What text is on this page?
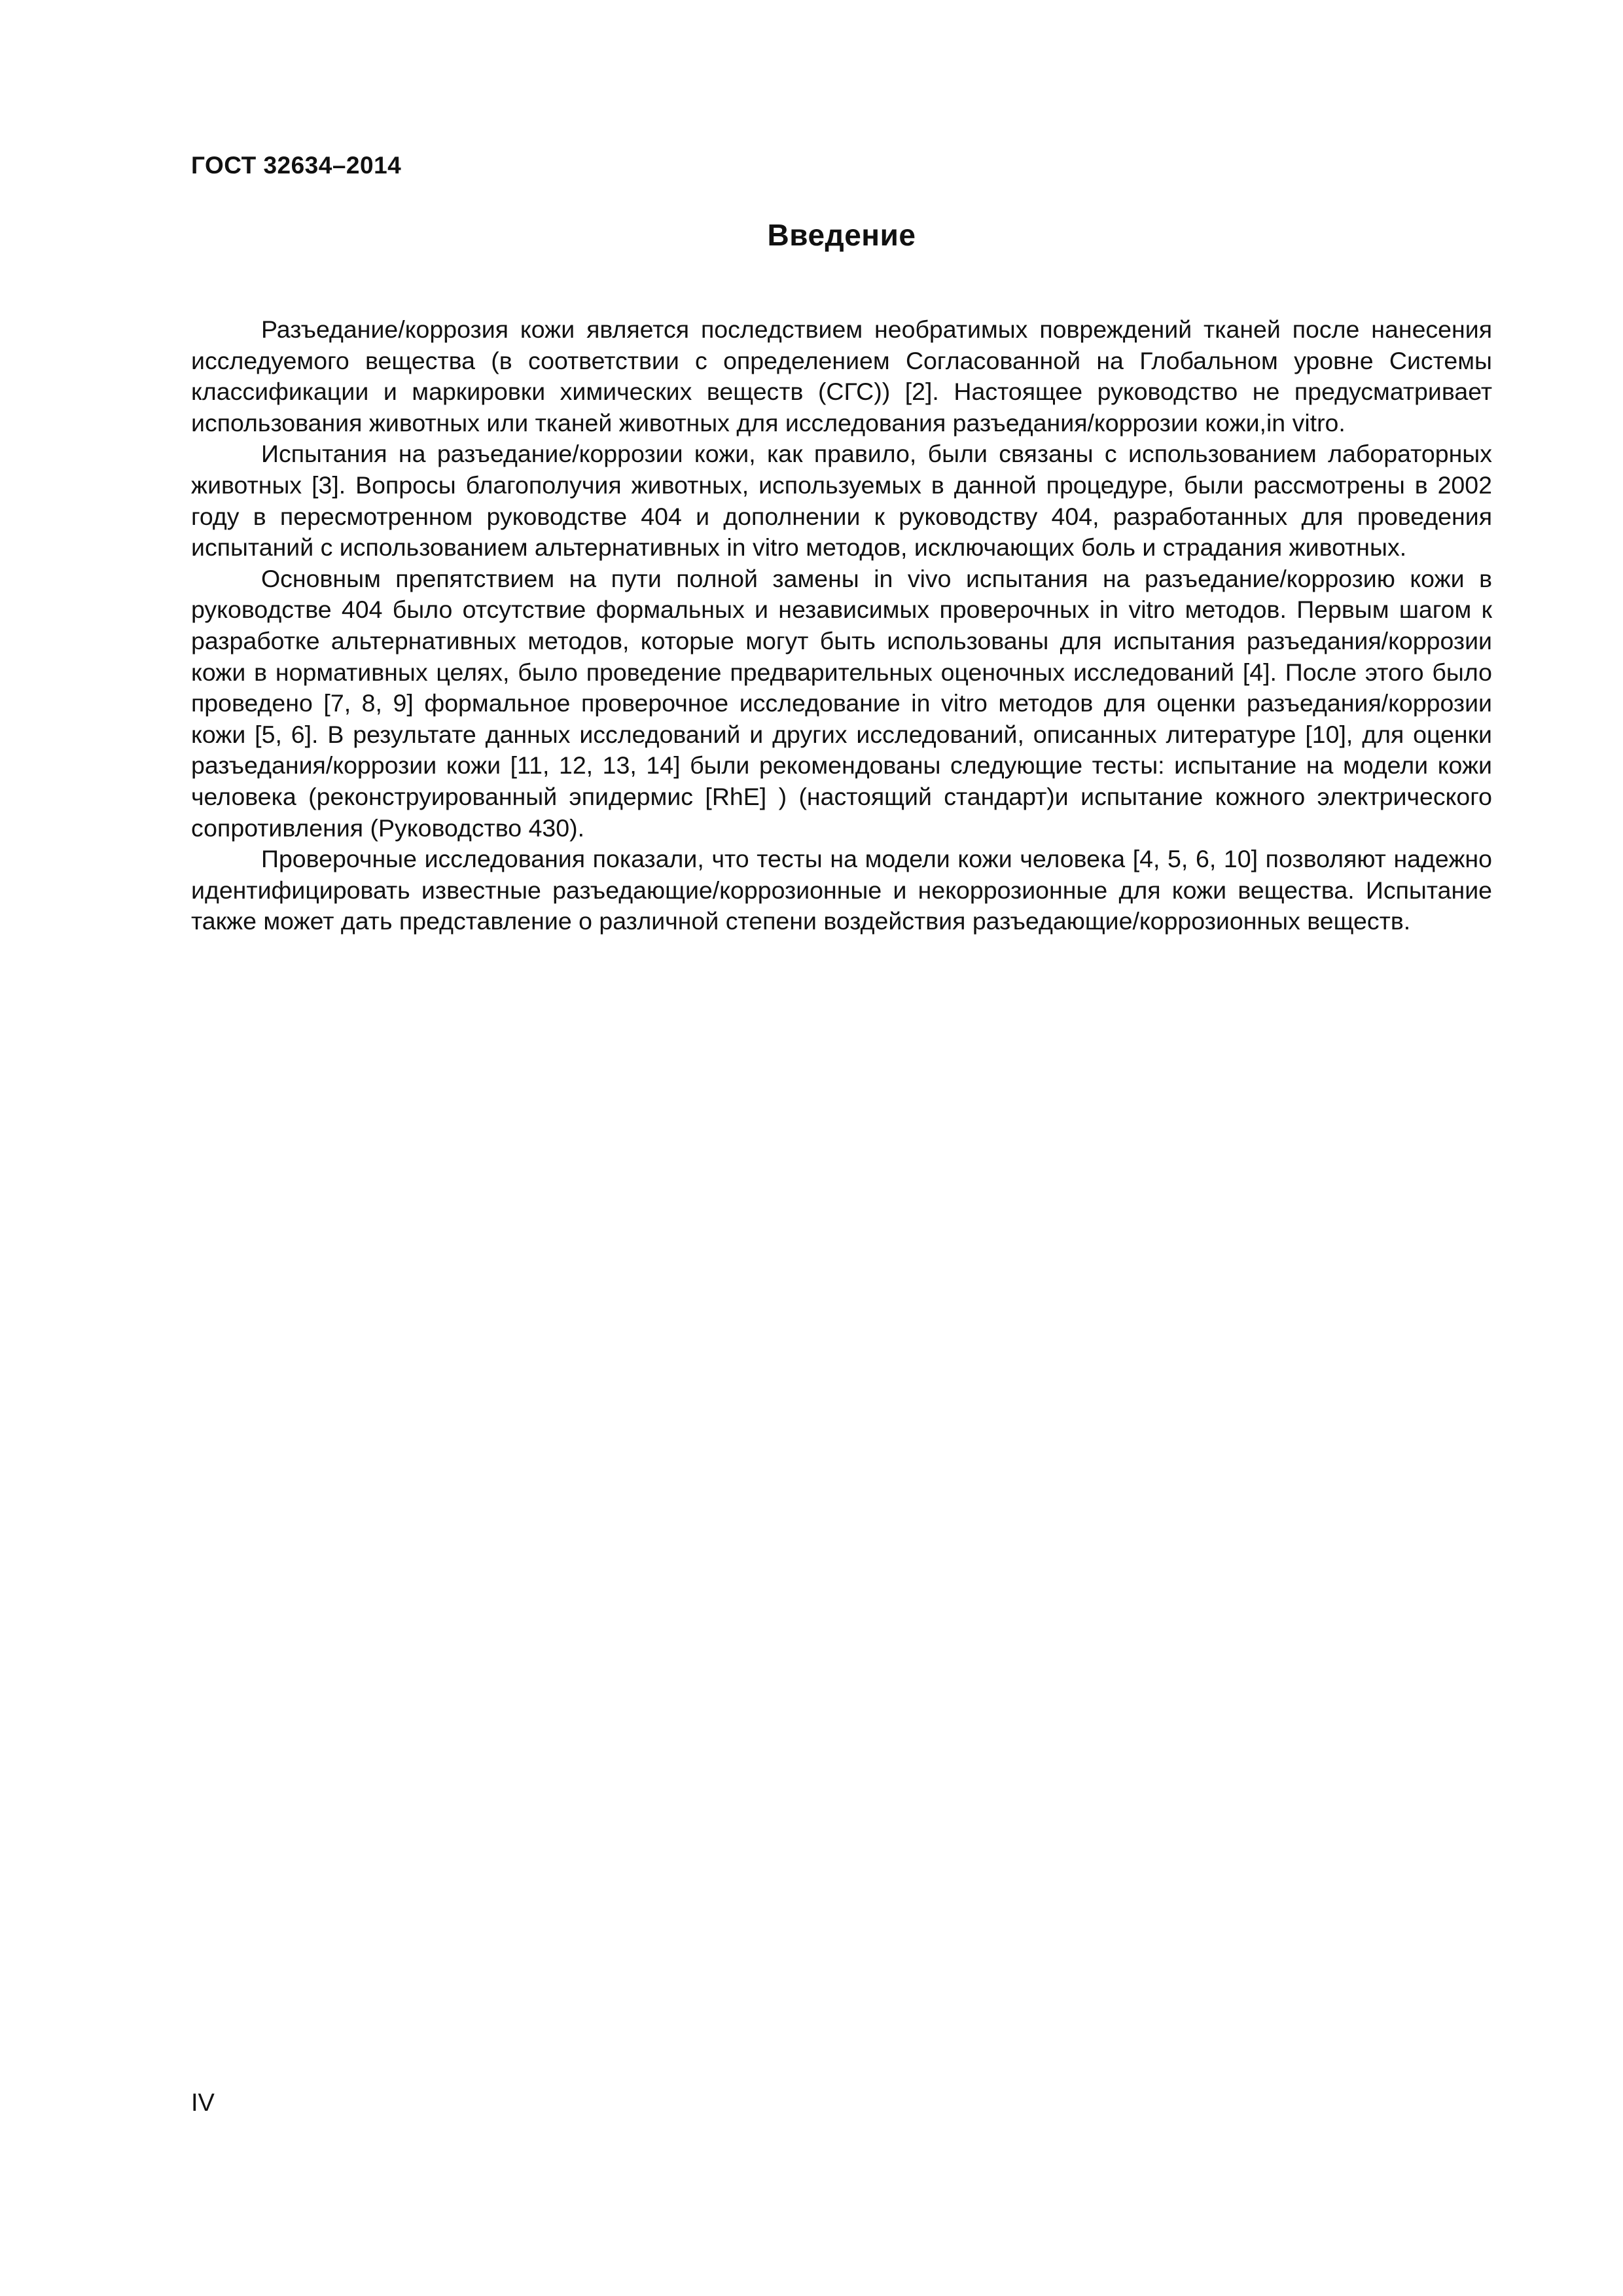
ГОСТ 32634–2014
Введение

Разъедание/коррозия кожи является последствием необратимых повреждений тканей после нанесения исследуемого вещества (в соответствии с определением Согласованной на Глобальном уровне Системы классификации и маркировки химических веществ (СГС)) [2]. Настоящее руководство не предусматривает использования животных или тканей животных для исследования разъедания/коррозии кожи,in vitro.

Испытания на разъедание/коррозии кожи, как правило, были связаны с использованием лабораторных животных [3]. Вопросы благополучия животных, используемых в данной процедуре, были рассмотрены в 2002 году в пересмотренном руководстве 404 и дополнении к руководству 404, разработанных для проведения испытаний с использованием альтернативных in vitro методов, исключающих боль и страдания животных.

Основным препятствием на пути полной замены in vivo испытания на разъедание/коррозию кожи в руководстве 404 было отсутствие формальных и независимых проверочных in vitro методов. Первым шагом к разработке альтернативных методов, которые могут быть использованы для испытания разъедания/коррозии кожи в нормативных целях, было проведение предварительных оценочных исследований [4]. После этого было проведено [7, 8, 9] формальное проверочное исследование in vitro методов для оценки разъедания/коррозии кожи [5, 6]. В результате данных исследований и других исследований, описанных литературе [10], для оценки разъедания/коррозии кожи [11, 12, 13, 14] были рекомендованы следующие тесты: испытание на модели кожи человека (реконструированный эпидермис [RhE] ) (настоящий стандарт)и испытание кожного электрического сопротивления (Руководство 430).

Проверочные исследования показали, что тесты на модели кожи человека [4, 5, 6, 10] позволяют надежно идентифицировать известные разъедающие/коррозионные и некоррозионные для кожи вещества. Испытание также может дать представление о различной степени воздействия разъедающие/коррозионных веществ.

IV
